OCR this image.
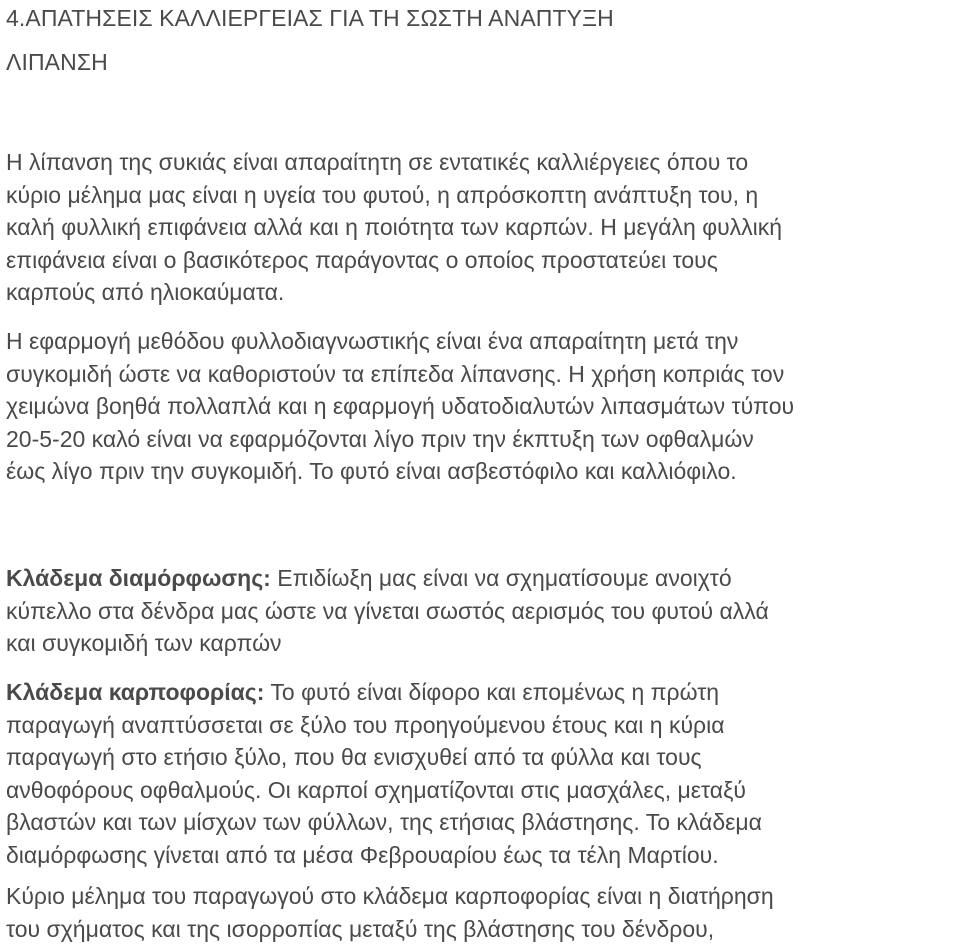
4.ΑΠΑΤΗΣΕΙΣ ΚΑΛΛΙΕΡΓΕΙΑΣ ΓΙΑ ΤΗ ΣΩΣΤΗ ΑΝΑΠΤΥΞΗ
ΛΙΠΑΝΣΗ

Η λίπανση της συκιάς είναι απαραίτητη σε εντατικές καλλιέργειες όπου το
κύριο μέλημα μας είναι η υγεία του φυτού, η απρόσκοπτη ανάπτυξη του, η
καλή φυλλική επιφάνεια αλλά και η ποιότητα των καρπών. Η μεγάλη φυλλική
επιφάνεια είναι ο βασικότερος παράγοντας ο οποίος προστατεύει τους
καρπούς από ηλιοκαύματα.

Η εφαρμογή μεθόδου φυλλοδιαγνωστικής είναι ένα απαραίτητη μετά την
συγκομιδή ώστε να καθοριστούν τα επίπεδα λίπανσης. Η χρήση κοπριάς τον
χειμώνα βοηθά πολλαπλά και η εφαρμογή υδατοδιαλυτών λιπασμάτων τύπου
20-5-20 καλό είναι να εφαρμόζονται λίγο πριν την έκπτυξη των οφθαλμών
έως λίγο πριν την συγκομιδή. Το φυτό είναι ασβεστόφιλο και καλλιόφιλο.

Κλάδεμα διαμόρφωσης: Επιδίωξη μας είναι να σχηματίσουμε ανοιχτό
κύπελλο στα δένδρα μας ώστε να γίνεται σωστός αερισμός του φυτού αλλά
και συγκομιδή των καρπών

Κλάδεμα καρποφορίας: Το φυτό είναι δίφορο και επομένως η πρώτη
παραγωγή αναπτύσσεται σε ξύλο του προηγούμενου έτους και η κύρια
παραγωγή στο ετήσιο ξύλο, που θα ενισχυθεί από τα φύλλα και τους
ανθοφόρους οφθαλμούς. Οι καρποί σχηματίζονται στις μασχάλες, μεταξύ
βλαστών και των μίσχων των φύλλων, της ετήσιας βλάστησης. Το κλάδεμα
διαμόρφωσης γίνεται από τα μέσα Φεβρουαρίου έως τα τέλη Μαρτίου.

Κύριο μέλημα του παραγωγού στο κλάδεμα καρποφορίας είναι η διατήρηση
του σχήματος και της ισορροπίας μεταξύ της βλάστησης του δένδρου,
